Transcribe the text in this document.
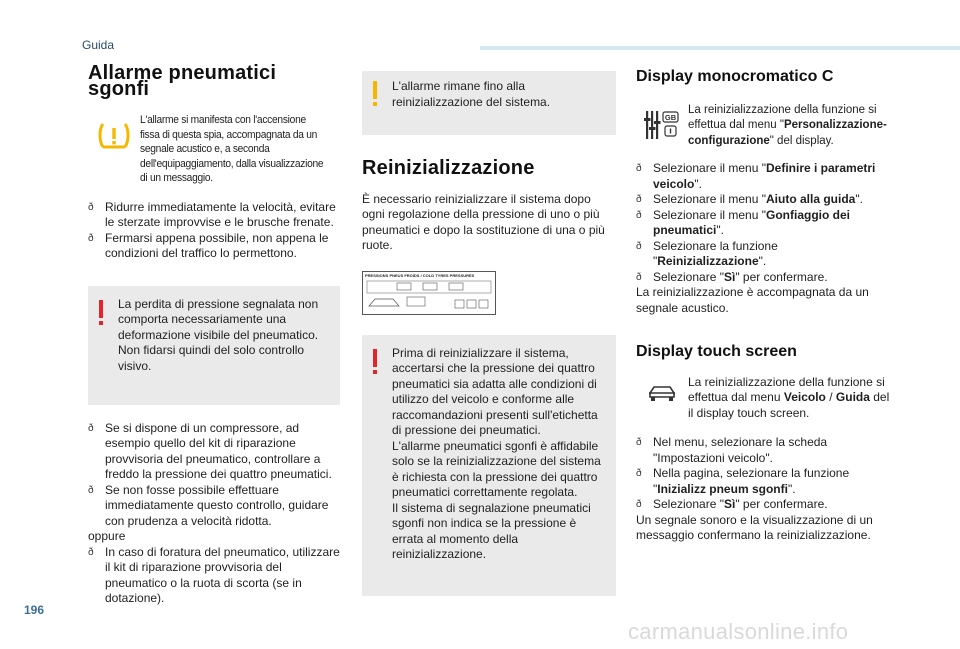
Guida
196
carmanualsonline.info
Allarme pneumatici sgonfi

L'allarme si manifesta con l'accensione fissa di questa spia, accompagnata da un segnale acustico e, a seconda dell'equipaggiamento, dalla visualizzazione di un messaggio.

ð Ridurre immediatamente la velocità, evitare le sterzate improvvise e le brusche frenate.
ð Fermarsi appena possibile, non appena le condizioni del traffico lo permettono.

La perdita di pressione segnalata non comporta necessariamente una deformazione visibile del pneumatico.

Non fidarsi quindi del solo controllo visivo.

ð Se si dispone di un compressore, ad esempio quello del kit di riparazione provvisoria del pneumatico, controllare a freddo la pressione dei quattro pneumatici.
ð Se non fosse possibile effettuare immediatamente questo controllo, guidare con prudenza a velocità ridotta.

oppure

ð In caso di foratura del pneumatico, utilizzare il kit di riparazione provvisoria del pneumatico o la ruota di scorta (se in dotazione).

L'allarme rimane fino alla reinizializzazione del sistema.

Reinizializzazione

È necessario reinizializzare il sistema dopo ogni regolazione della pressione di uno o più pneumatici e dopo la sostituzione di una o più ruote.

PRESSIONS PNEUS FROIDS / COLD TYRES PRESSURES

Prima di reinizializzare il sistema, accertarsi che la pressione dei quattro pneumatici sia adatta alle condizioni di utilizzo del veicolo e conforme alle raccomandazioni presenti sull'etichetta di pressione dei pneumatici.

L'allarme pneumatici sgonfi è affidabile solo se la reinizializzazione del sistema è richiesta con la pressione dei quattro pneumatici correttamente regolata.

Il sistema di segnalazione pneumatici sgonfi non indica se la pressione è errata al momento della reinizializzazione.

Display monocromatico C
GB

La reinizializzazione della funzione si effettua dal menu "Personalizzazione-configurazione" del display.

ð Selezionare il menu "Definire i parametri veicolo".
ð Selezionare il menu "Aiuto alla guida".
ð Selezionare il menu "Gonfiaggio dei pneumatici".
ð Selezionare la funzione "Reinizializzazione".
ð Selezionare "Sì" per confermare.

La reinizializzazione è accompagnata da un segnale acustico.

Display touch screen

La reinizializzazione della funzione si effettua dal menu Veicolo / Guida del il display touch screen.

ð Nel menu, selezionare la scheda "Impostazioni veicolo".
ð Nella pagina, selezionare la funzione "Inizializz pneum sgonfi".
ð Selezionare "Sì" per confermare.

Un segnale sonoro e la visualizzazione di un messaggio confermano la reinizializzazione.
